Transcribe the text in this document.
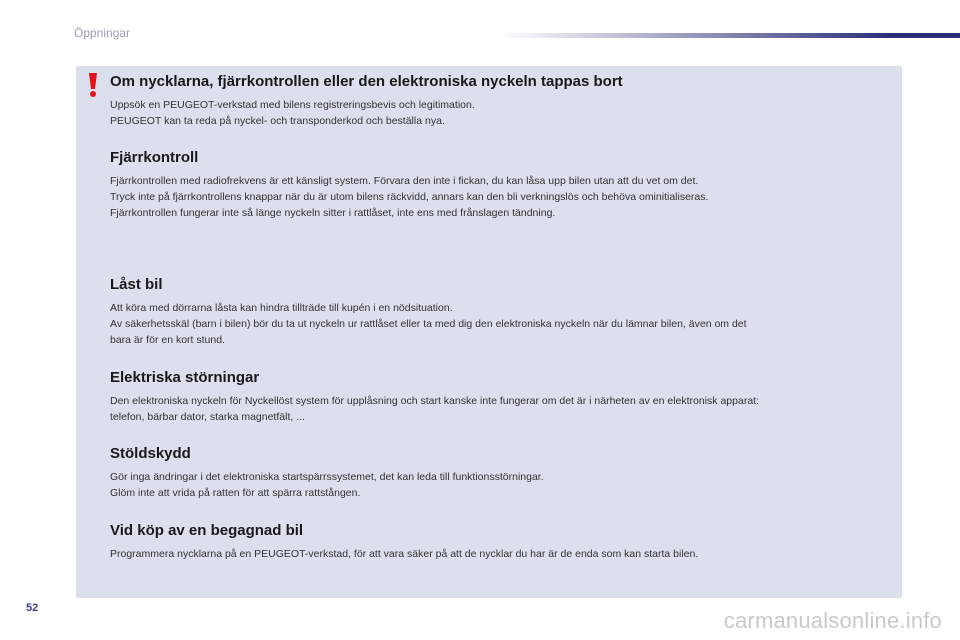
Öppningar
Om nycklarna, fjärrkontrollen eller den elektroniska nyckeln tappas bort

Uppsök en PEUGEOT-verkstad med bilens registreringsbevis och legitimation.
PEUGEOT kan ta reda på nyckel- och transponderkod och beställa nya.

Fjärrkontroll

Fjärrkontrollen med radiofrekvens är ett känsligt system. Förvara den inte i fickan, du kan låsa upp bilen utan att du vet om det.
Tryck inte på fjärrkontrollens knappar när du är utom bilens räckvidd, annars kan den bli verkningslös och behöva ominitialiseras.
Fjärrkontrollen fungerar inte så länge nyckeln sitter i rattlåset, inte ens med frånslagen tändning.

Låst bil

Att köra med dörrarna låsta kan hindra tillträde till kupén i en nödsituation.
Av säkerhetsskäl (barn i bilen) bör du ta ut nyckeln ur rattlåset eller ta med dig den elektroniska nyckeln när du lämnar bilen, även om det
bara är för en kort stund.

Elektriska störningar

Den elektroniska nyckeln för Nyckellöst system för upplåsning och start kanske inte fungerar om det är i närheten av en elektronisk apparat:
telefon, bärbar dator, starka magnetfält, ...

Stöldskydd

Gör inga ändringar i det elektroniska startspärrssystemet, det kan leda till funktionsstörningar.
Glöm inte att vrida på ratten för att spärra rattstången.

Vid köp av en begagnad bil

Programmera nycklarna på en PEUGEOT-verkstad, för att vara säker på att de nycklar du har är de enda som kan starta bilen.

52	carmanualsonline.info
